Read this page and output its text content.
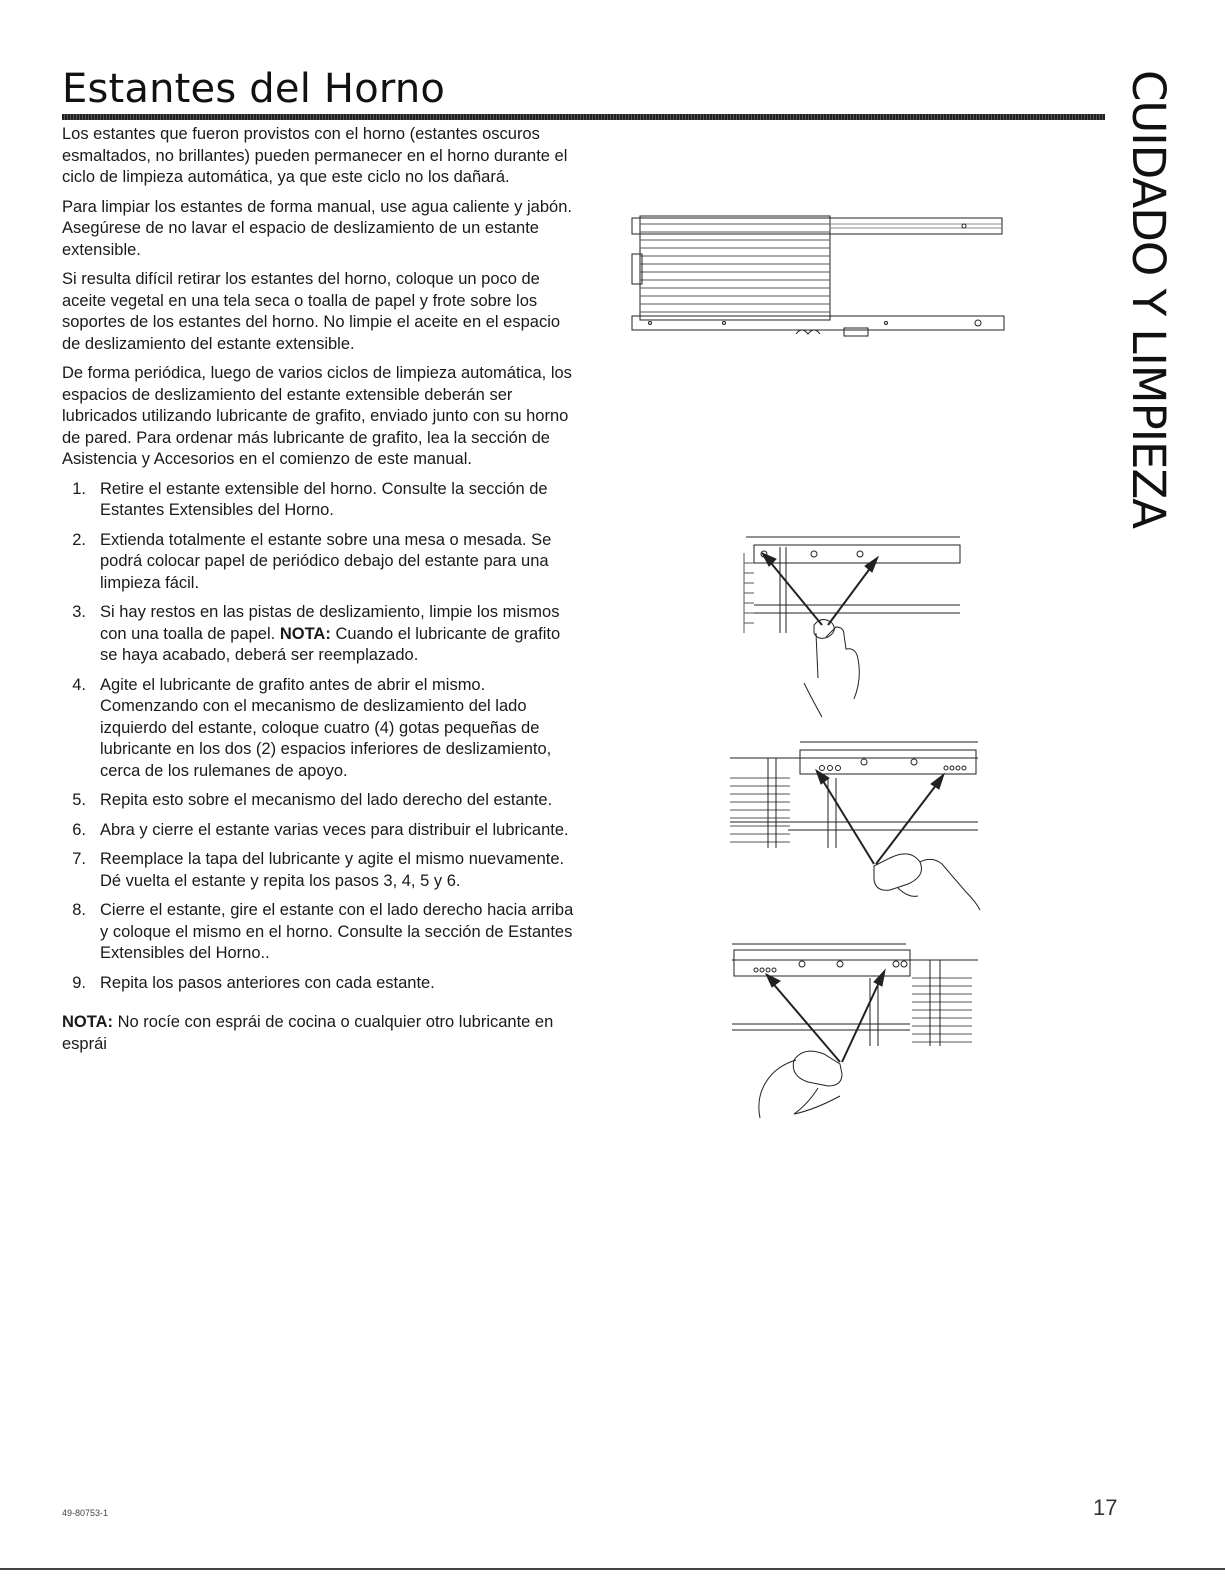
Estantes del Horno	CUIDADO Y LIMPIEZA

Los estantes que fueron provistos con el horno (estantes oscuros esmaltados, no brillantes) pueden permanecer en el horno durante el ciclo de limpieza automática, ya que este ciclo no los dañará.

Para limpiar los estantes de forma manual, use agua caliente y jabón. Asegúrese de no lavar el espacio de deslizamiento de un estante extensible.

Si resulta difícil retirar los estantes del horno, coloque un poco de aceite vegetal en una tela seca o toalla de papel y frote sobre los soportes de los estantes del horno. No limpie el aceite en el espacio de deslizamiento del estante extensible.

De forma periódica, luego de varios ciclos de limpieza automática, los espacios de deslizamiento del estante extensible deberán ser lubricados utilizando lubricante de grafito, enviado junto con su horno de pared. Para ordenar más lubricante de grafito, lea la sección de Asistencia y Accesorios en el comienzo de este manual.

1. Retire el estante extensible del horno. Consulte la sección de Estantes Extensibles del Horno.
2. Extienda totalmente el estante sobre una mesa o mesada. Se podrá colocar papel de periódico debajo del estante para una limpieza fácil.
3. Si hay restos en las pistas de deslizamiento, limpie los mismos con una toalla de papel. NOTA: Cuando el lubricante de grafito se haya acabado, deberá ser reemplazado.
4. Agite el lubricante de grafito antes de abrir el mismo. Comenzando con el mecanismo de deslizamiento del lado izquierdo del estante, coloque cuatro (4) gotas pequeñas de lubricante en los dos (2) espacios inferiores de deslizamiento, cerca de los rulemanes de apoyo.
5. Repita esto sobre el mecanismo del lado derecho del estante.
6. Abra y cierre el estante varias veces para distribuir el lubricante.
7. Reemplace la tapa del lubricante y agite el mismo nuevamente. Dé vuelta el estante y repita los pasos 3, 4, 5 y 6.
8. Cierre el estante, gire el estante con el lado derecho hacia arriba y coloque el mismo en el horno. Consulte la sección de Estantes Extensibles del Horno..
9. Repita los pasos anteriores con cada estante.

NOTA: No rocíe con esprái de cocina o cualquier otro lubricante en esprái

49-80753-1	17
